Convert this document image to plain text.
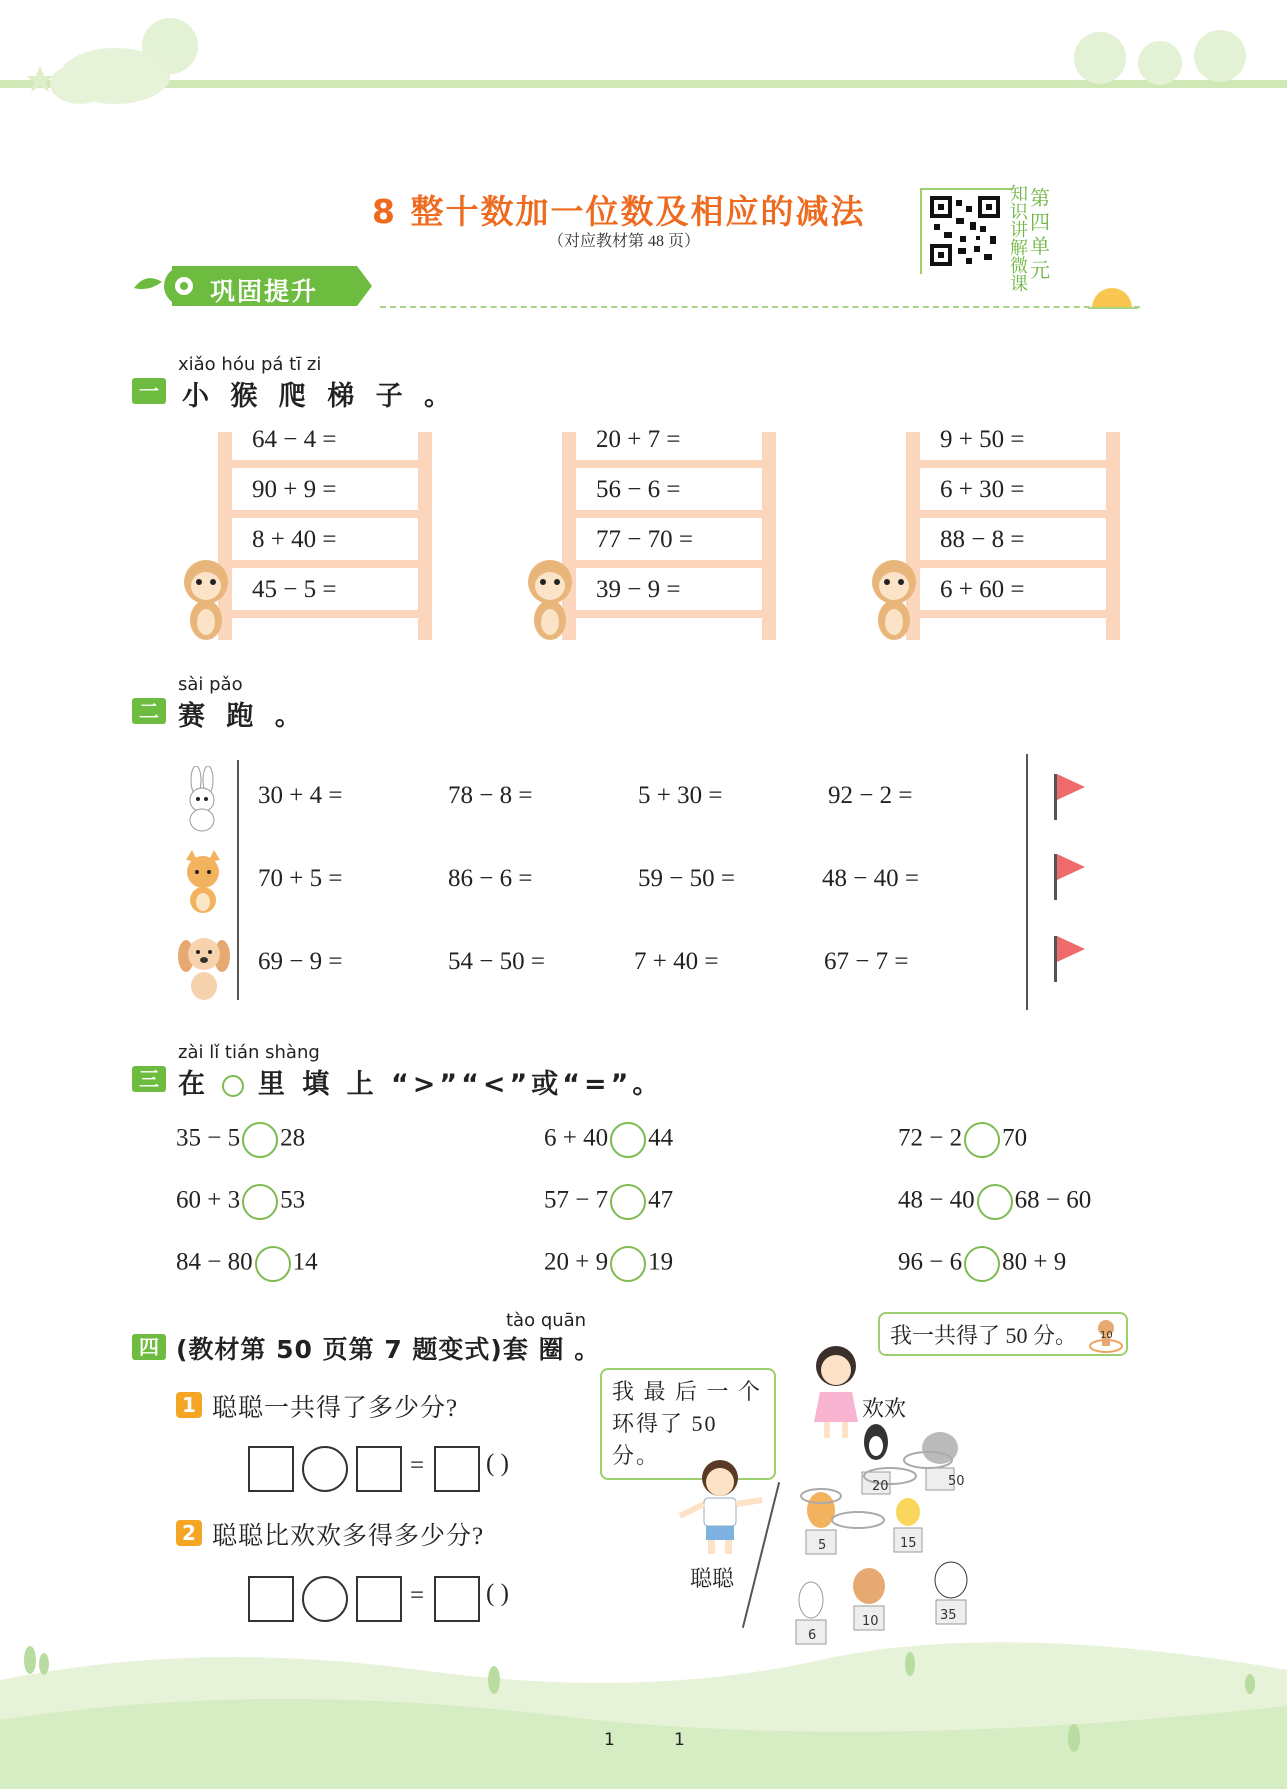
8 整十数加一位数及相应的减法
（对应教材第 48 页）
知
识
讲
解
微
课
第
四
单
元
巩固提升
xiǎo hóu pá tī zi
一 小 猴 爬 梯 子 。
64 − 4 =
90 + 9 =
8 + 40 =
45 − 5 =
20 + 7 =
56 − 6 =
77 − 70 =
39 − 9 =
9 + 50 =
6 + 30 =
88 − 8 =
6 + 60 =
sài pǎo
二 赛 跑 。
30 + 4 =	78 − 8 =	5 + 30 =	92 − 2 =
70 + 5 =	86 − 6 =	59 − 50 =	48 − 40 =
69 − 9 =	54 − 50 =	7 + 40 =	67 − 7 =
zài lǐ tián shàng
三 在 里 填 上 “>”“<”或“=”。
35 − 5 28	6 + 40 44	72 − 2 70
60 + 3 53	57 − 7 47	48 − 40 68 − 60
84 − 80 14	20 + 9 19	96 − 6 80 + 9
tào quān
四 (教材第 50 页第 7 题变式)套 圈 。
1 聪聪一共得了多少分?
= ( )
2 聪聪比欢欢多得多少分?
= ( )
我 最 后 一 个 环得了 50 分。
我一共得了 50 分。
欢欢
聪聪
20	50
5	15
6
10	35
10
1	1
